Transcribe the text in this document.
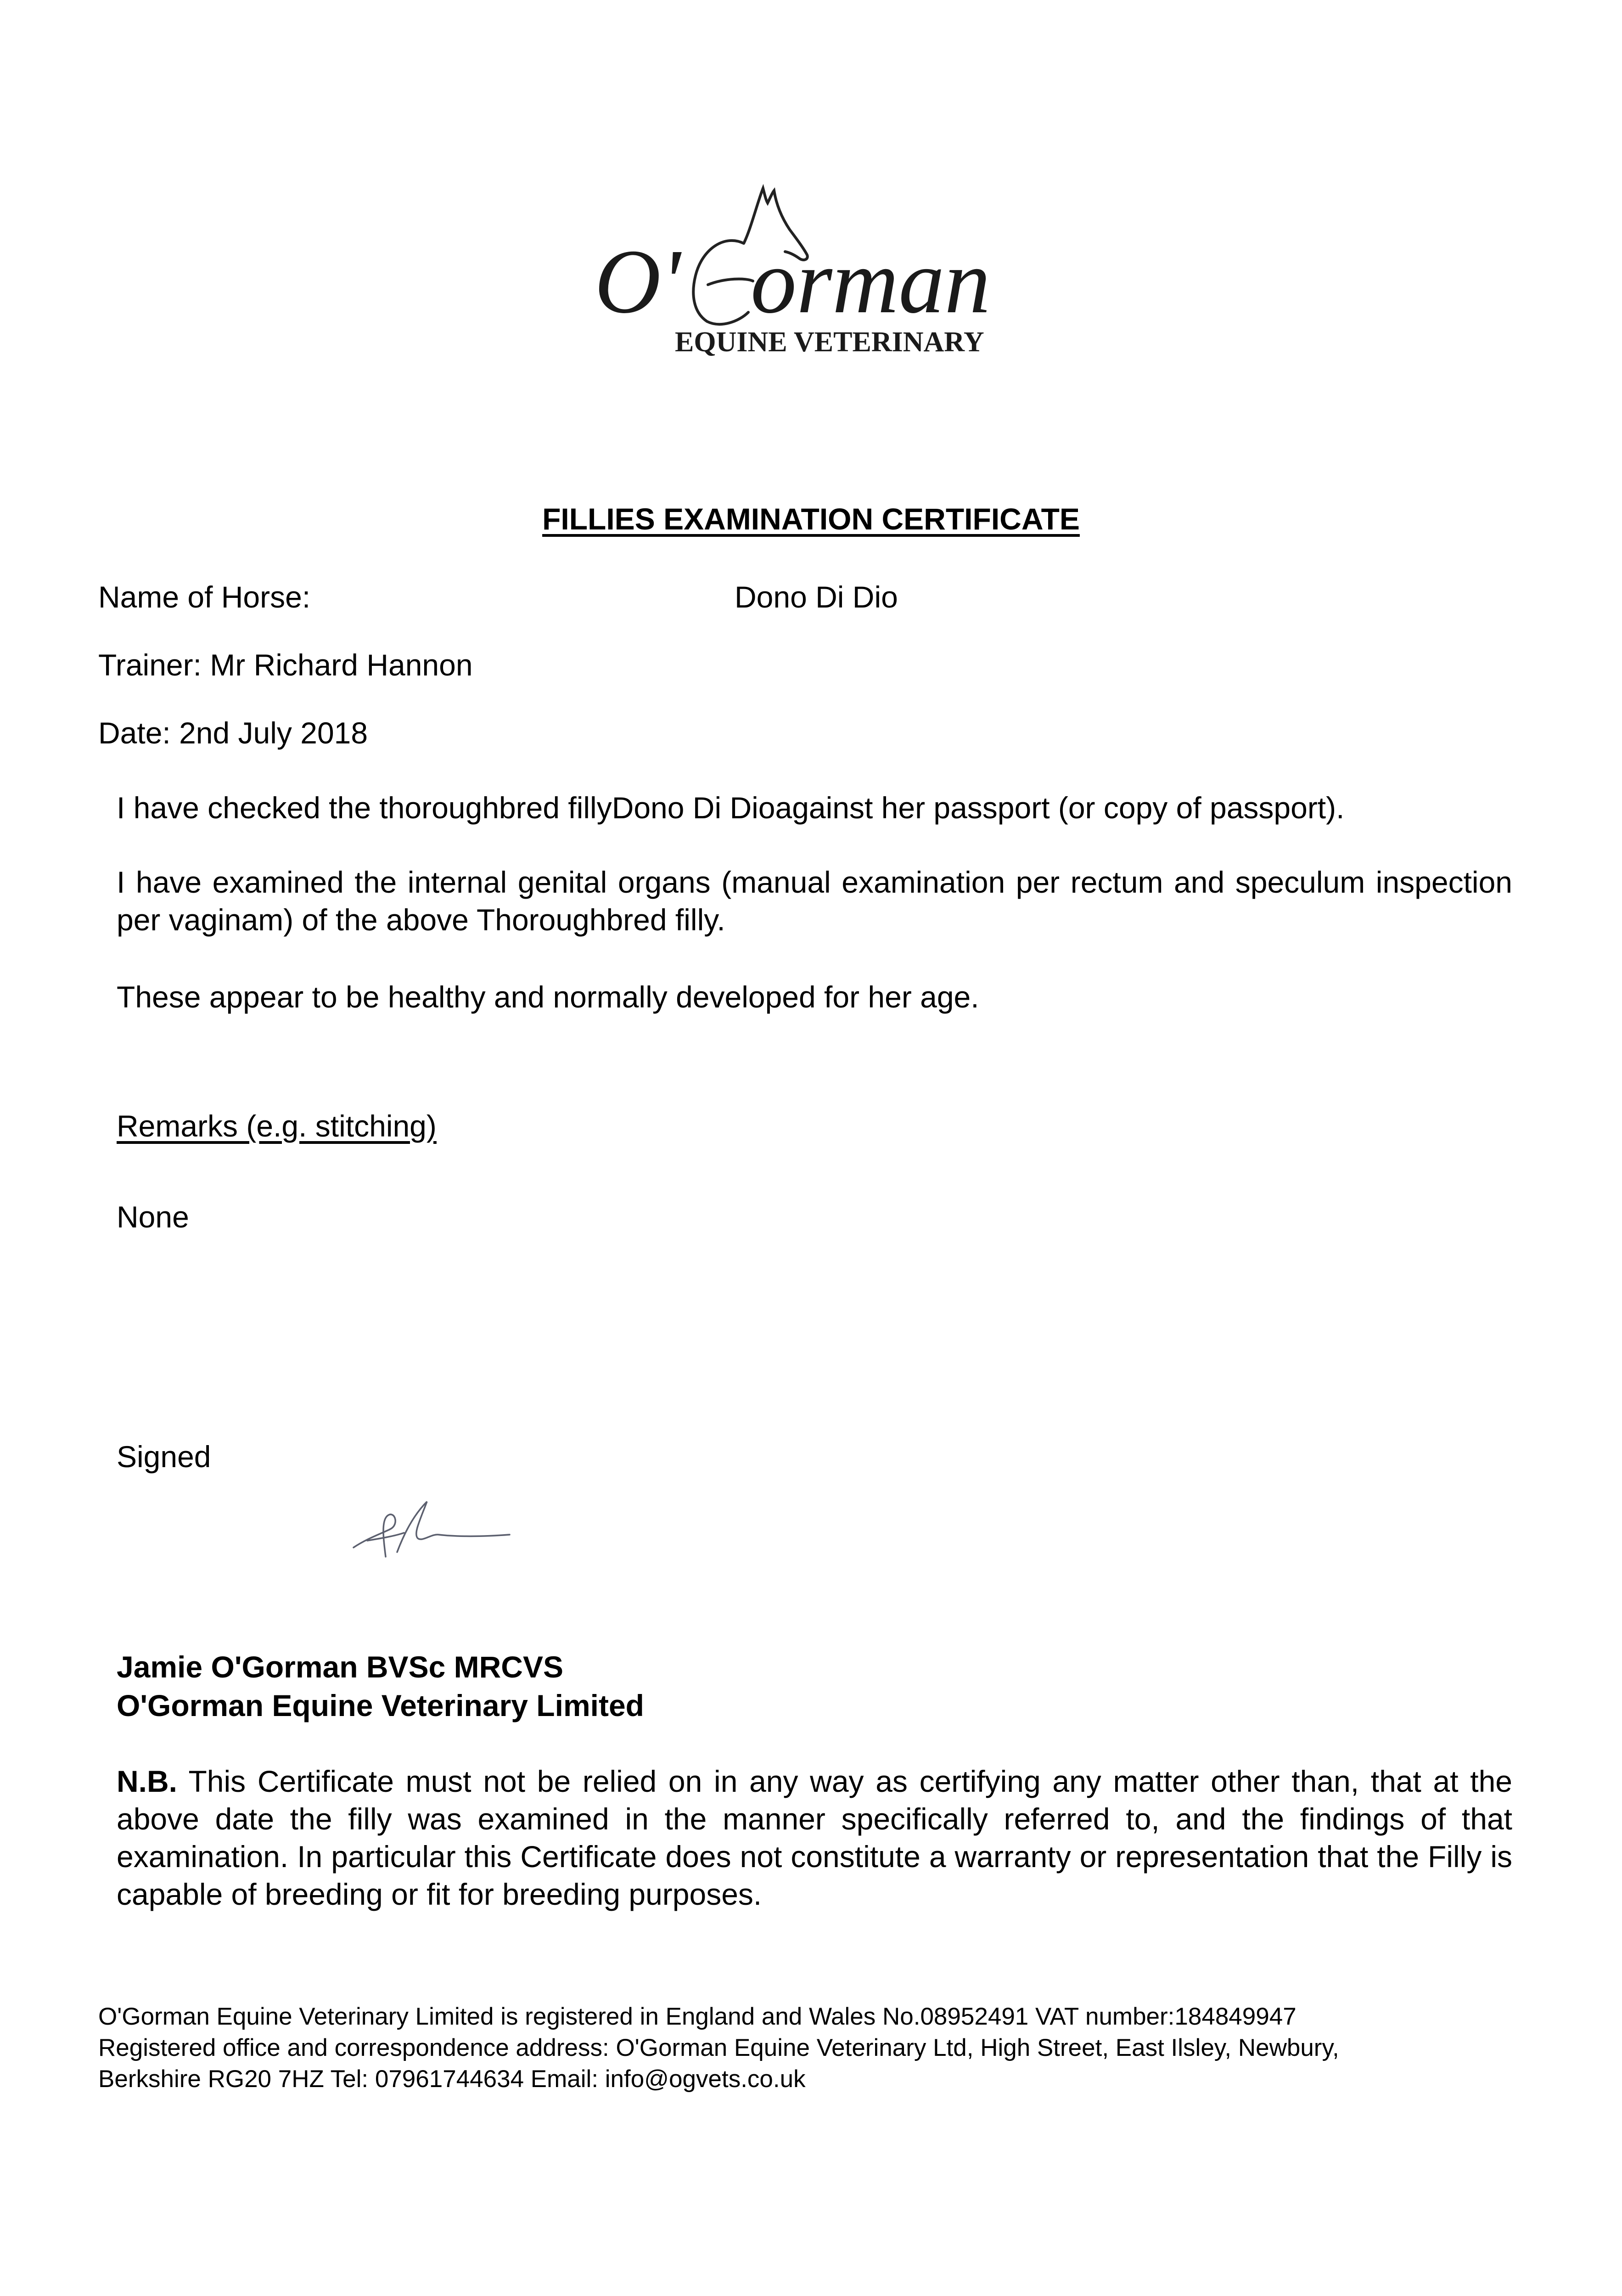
O' orman
EQUINE VETERINARY
FILLIES EXAMINATION CERTIFICATE
Name of Horse:	Dono Di Dio
Trainer: Mr Richard Hannon
Date: 2nd July 2018
I have checked the thoroughbred fillyDono Di Dioagainst her passport (or copy of passport).
I have examined the internal genital organs (manual examination per rectum and speculum inspection per vaginam) of the above Thoroughbred filly.
These appear to be healthy and normally developed for her age.
Remarks (e.g. stitching)
None
Signed
Jamie O'Gorman BVSc MRCVS
O'Gorman Equine Veterinary Limited
N.B. This Certificate must not be relied on in any way as certifying any matter other than, that at the above date the filly was examined in the manner specifically referred to, and the findings of that examination. In particular this Certificate does not constitute a warranty or representation that the Filly is capable of breeding or fit for breeding purposes.
O'Gorman Equine Veterinary Limited is registered in England and Wales No.08952491 VAT number:184849947
Registered office and correspondence address: O'Gorman Equine Veterinary Ltd, High Street, East Ilsley, Newbury,
Berkshire RG20 7HZ Tel: 07961744634 Email: info@ogvets.co.uk
